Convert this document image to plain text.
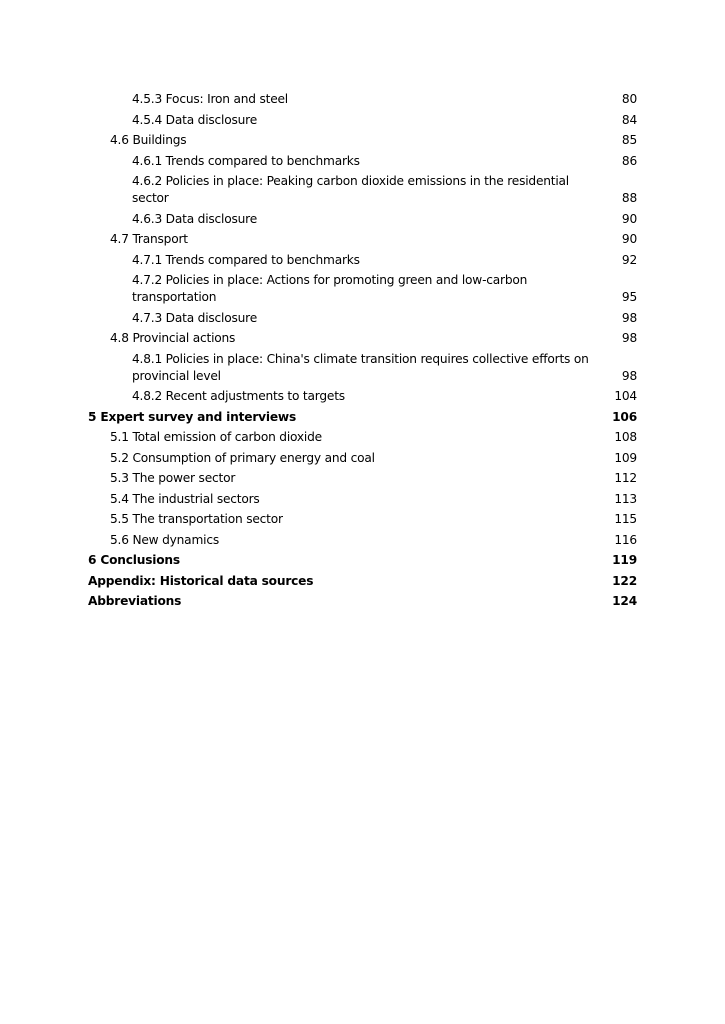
4.5.3 Focus: Iron and steel	80
4.5.4 Data disclosure	84
4.6 Buildings	85
4.6.1 Trends compared to benchmarks	86
4.6.2 Policies in place: Peaking carbon dioxide emissions in the residential sector	88
4.6.3 Data disclosure	90
4.7 Transport	90
4.7.1 Trends compared to benchmarks	92
4.7.2 Policies in place: Actions for promoting green and low-carbon transportation	95
4.7.3 Data disclosure	98
4.8 Provincial actions	98
4.8.1 Policies in place: China's climate transition requires collective efforts on provincial level	98
4.8.2 Recent adjustments to targets	104
5 Expert survey and interviews	106
5.1 Total emission of carbon dioxide	108
5.2 Consumption of primary energy and coal	109
5.3 The power sector	112
5.4 The industrial sectors	113
5.5 The transportation sector	115
5.6 New dynamics	116
6 Conclusions	119
Appendix: Historical data sources	122
Abbreviations	124
